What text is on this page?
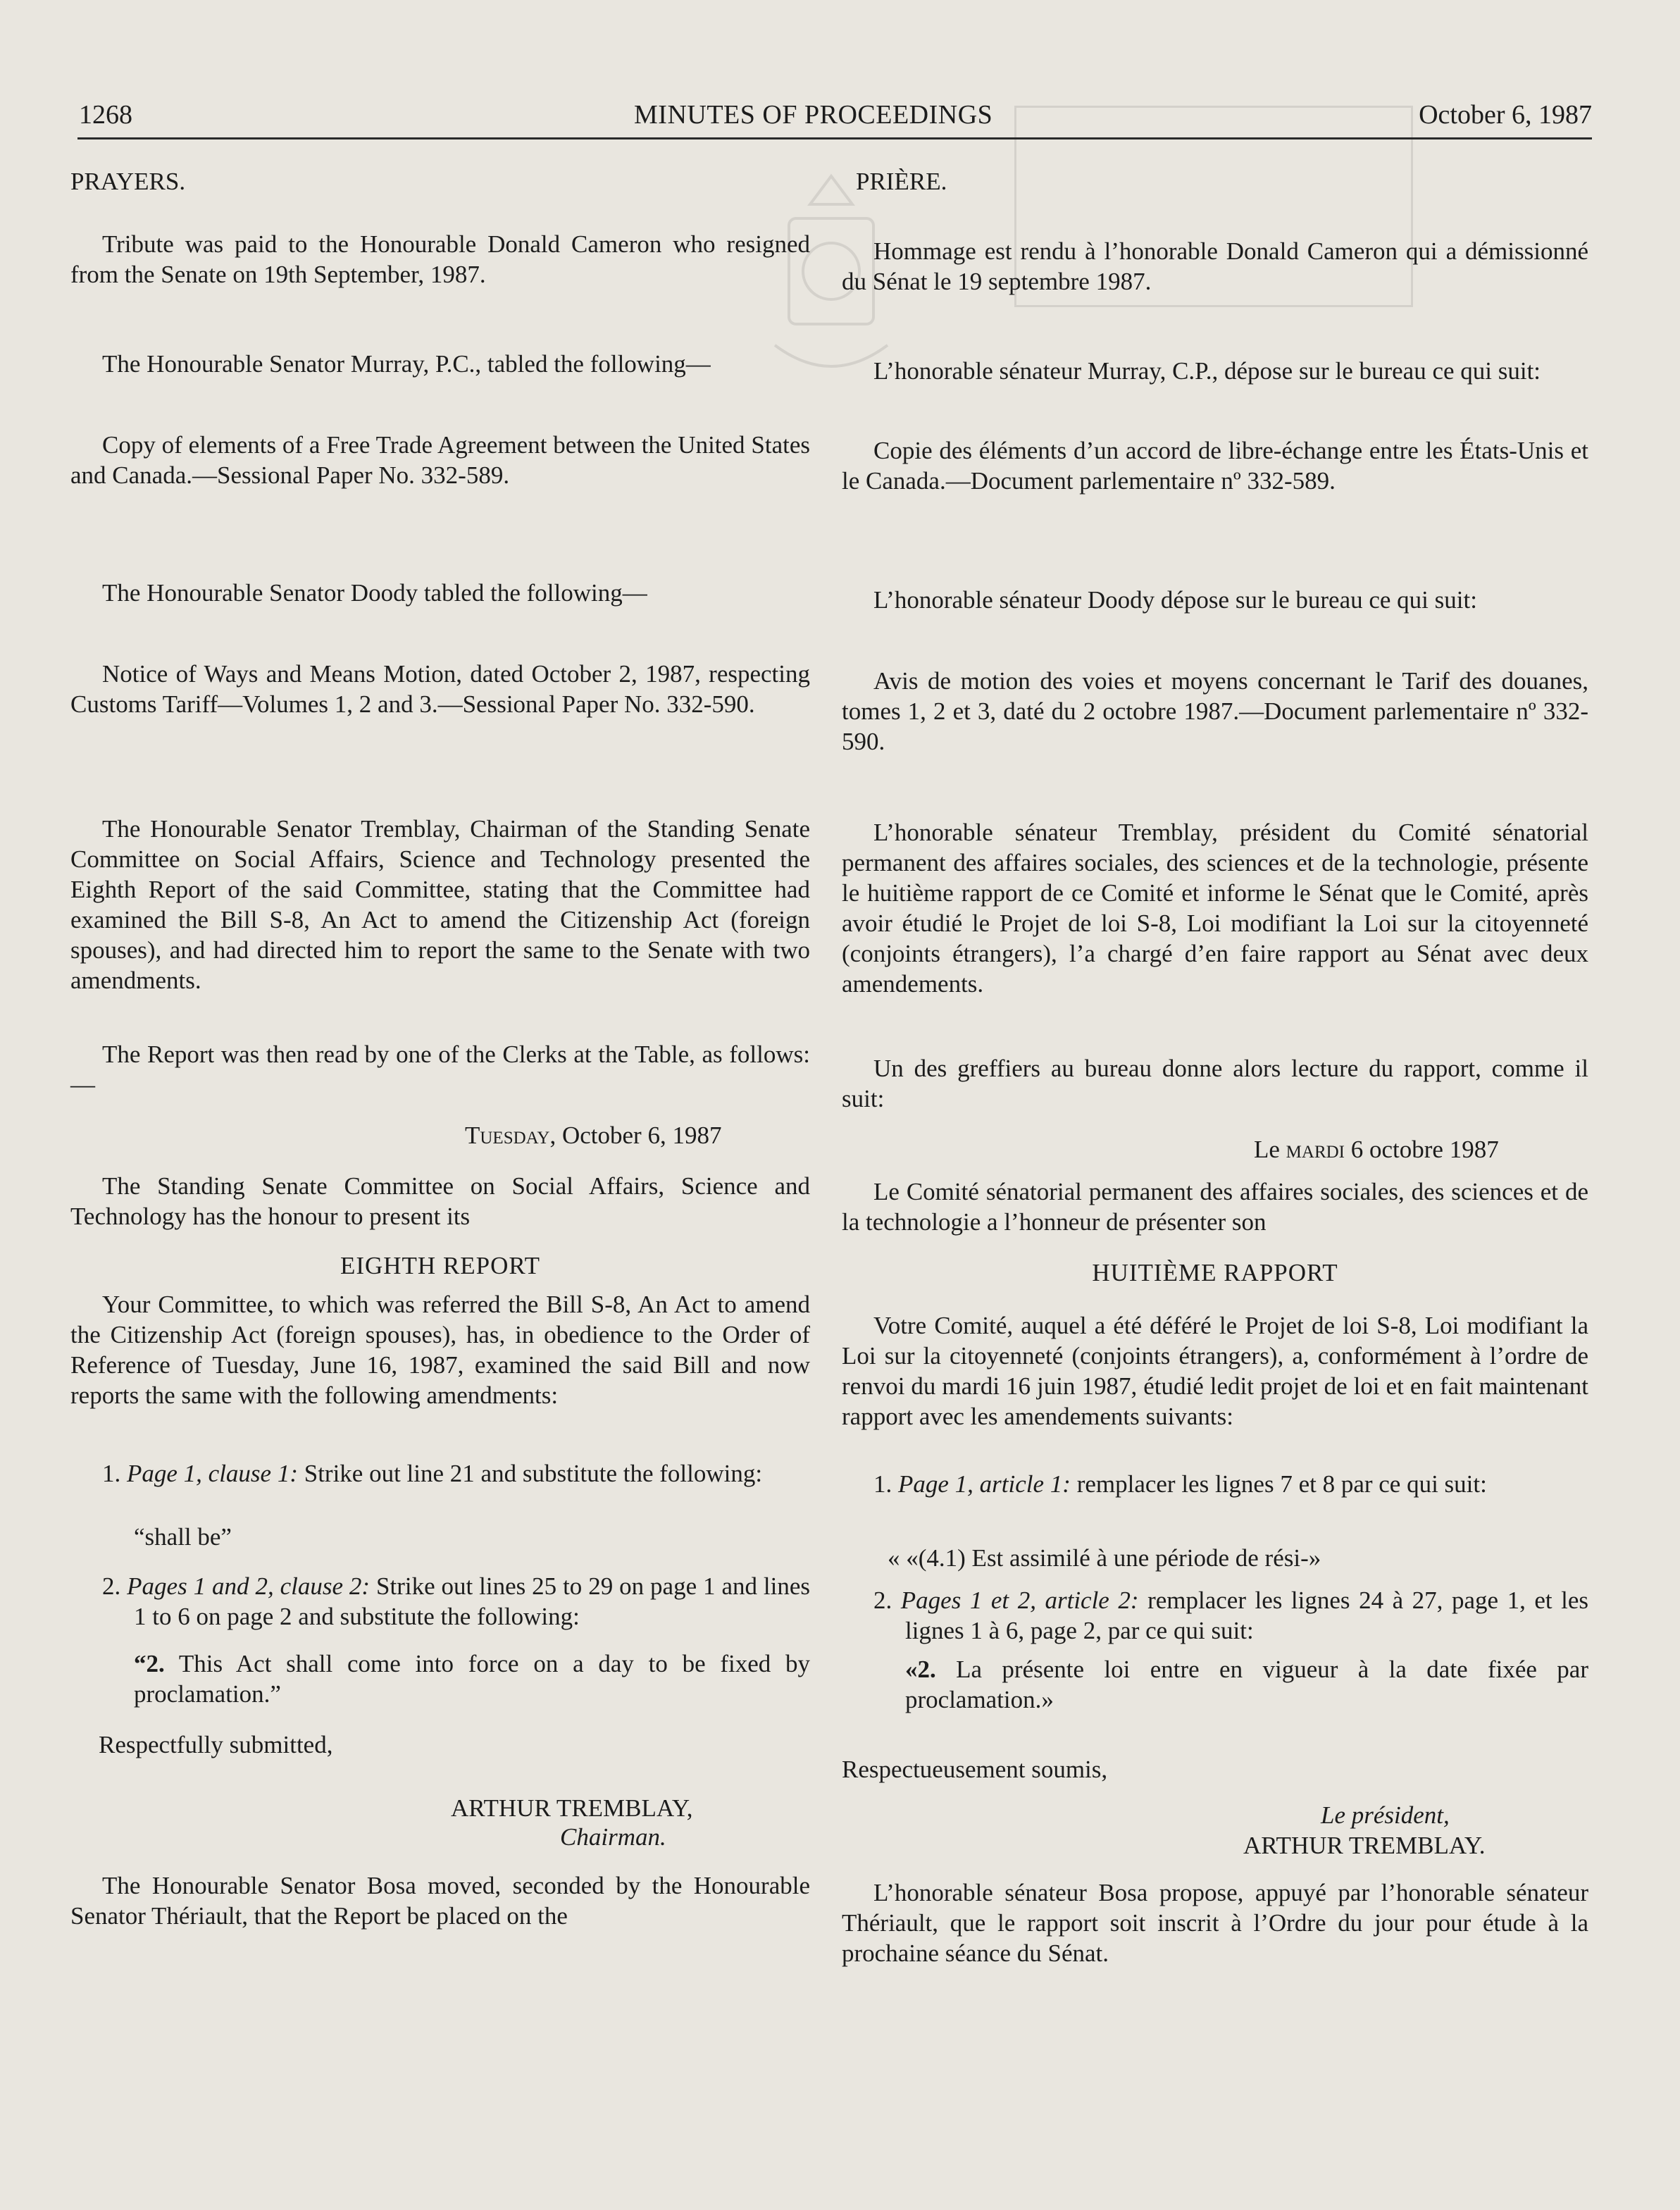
1268	MINUTES OF PROCEEDINGS	October 6, 1987

PRAYERS.

Tribute was paid to the Honourable Donald Cameron who resigned from the Senate on 19th September, 1987.

The Honourable Senator Murray, P.C., tabled the following—

Copy of elements of a Free Trade Agreement between the United States and Canada.—Sessional Paper No. 332-589.

The Honourable Senator Doody tabled the following—

Notice of Ways and Means Motion, dated October 2, 1987, respecting Customs Tariff—Volumes 1, 2 and 3.—Sessional Paper No. 332-590.

The Honourable Senator Tremblay, Chairman of the Standing Senate Committee on Social Affairs, Science and Technology presented the Eighth Report of the said Committee, stating that the Committee had examined the Bill S-8, An Act to amend the Citizenship Act (foreign spouses), and had directed him to report the same to the Senate with two amendments.

The Report was then read by one of the Clerks at the Table, as follows:—

Tuesday, October 6, 1987

The Standing Senate Committee on Social Affairs, Science and Technology has the honour to present its

EIGHTH REPORT

Your Committee, to which was referred the Bill S-8, An Act to amend the Citizenship Act (foreign spouses), has, in obedience to the Order of Reference of Tuesday, June 16, 1987, examined the said Bill and now reports the same with the following amendments:

1. Page 1, clause 1: Strike out line 21 and substitute the following:

“shall be”

2. Pages 1 and 2, clause 2: Strike out lines 25 to 29 on page 1 and lines 1 to 6 on page 2 and substitute the following:

“2. This Act shall come into force on a day to be fixed by proclamation.”

Respectfully submitted,

ARTHUR TREMBLAY,

Chairman.

The Honourable Senator Bosa moved, seconded by the Honourable Senator Thériault, that the Report be placed on the

PRIÈRE.

Hommage est rendu à l’honorable Donald Cameron qui a démissionné du Sénat le 19 septembre 1987.

L’honorable sénateur Murray, C.P., dépose sur le bureau ce qui suit:

Copie des éléments d’un accord de libre-échange entre les États-Unis et le Canada.—Document parlementaire nº 332-589.

L’honorable sénateur Doody dépose sur le bureau ce qui suit:

Avis de motion des voies et moyens concernant le Tarif des douanes, tomes 1, 2 et 3, daté du 2 octobre 1987.—Document parlementaire nº 332-590.

L’honorable sénateur Tremblay, président du Comité sénatorial permanent des affaires sociales, des sciences et de la technologie, présente le huitième rapport de ce Comité et informe le Sénat que le Comité, après avoir étudié le Projet de loi S-8, Loi modifiant la Loi sur la citoyenneté (conjoints étrangers), l’a chargé d’en faire rapport au Sénat avec deux amendements.

Un des greffiers au bureau donne alors lecture du rapport, comme il suit:

Le mardi 6 octobre 1987

Le Comité sénatorial permanent des affaires sociales, des sciences et de la technologie a l’honneur de présenter son

HUITIÈME RAPPORT

Votre Comité, auquel a été déféré le Projet de loi S-8, Loi modifiant la Loi sur la citoyenneté (conjoints étrangers), a, conformément à l’ordre de renvoi du mardi 16 juin 1987, étudié ledit projet de loi et en fait maintenant rapport avec les amendements suivants:

1. Page 1, article 1: remplacer les lignes 7 et 8 par ce qui suit:

« «(4.1) Est assimilé à une période de rési-»

2. Pages 1 et 2, article 2: remplacer les lignes 24 à 27, page 1, et les lignes 1 à 6, page 2, par ce qui suit:

«2. La présente loi entre en vigueur à la date fixée par proclamation.»

Respectueusement soumis,

Le président,

ARTHUR TREMBLAY.

L’honorable sénateur Bosa propose, appuyé par l’honorable sénateur Thériault, que le rapport soit inscrit à l’Ordre du jour pour étude à la prochaine séance du Sénat.
